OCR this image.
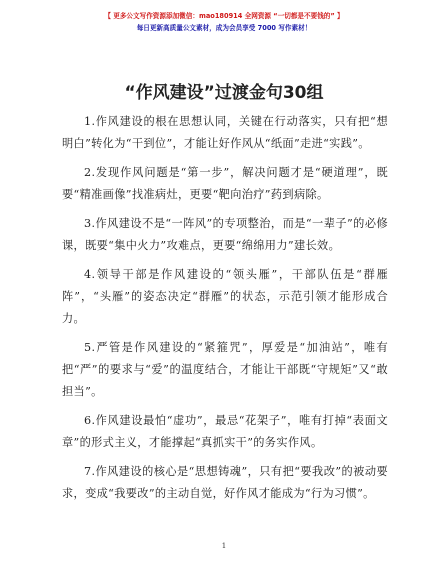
【 更多公文写作资源添加微信：mao180914 全网资源 “一切都是不要钱的” 】
每日更新高质量公文素材，成为会员享受 7000 写作素材！
“作风建设”过渡金句30组

1.作风建设的根在思想认同，关键在行动落实，只有把“想明白”转化为“干到位”，才能让好作风从“纸面”走进“实践”。

2.发现作风问题是“第一步”，解决问题才是“硬道理”，既要“精准画像”找准病灶，更要“靶向治疗”药到病除。

3.作风建设不是“一阵风”的专项整治，而是“一辈子”的必修课，既要“集中火力”攻难点，更要“绵绵用力”建长效。

4.领导干部是作风建设的“领头雁”，干部队伍是“群雁阵”，“头雁”的姿态决定“群雁”的状态，示范引领才能形成合力。

5.严管是作风建设的“紧箍咒”，厚爱是“加油站”，唯有把“严”的要求与“爱”的温度结合，才能让干部既“守规矩”又“敢担当”。

6.作风建设最怕“虚功”，最忌“花架子”，唯有打掉“表面文章”的形式主义，才能撑起“真抓实干”的务实作风。

7.作风建设的核心是“思想铸魂”，只有把“要我改”的被动要求，变成“我要改”的主动自觉，好作风才能成为“行为习惯”。

1
